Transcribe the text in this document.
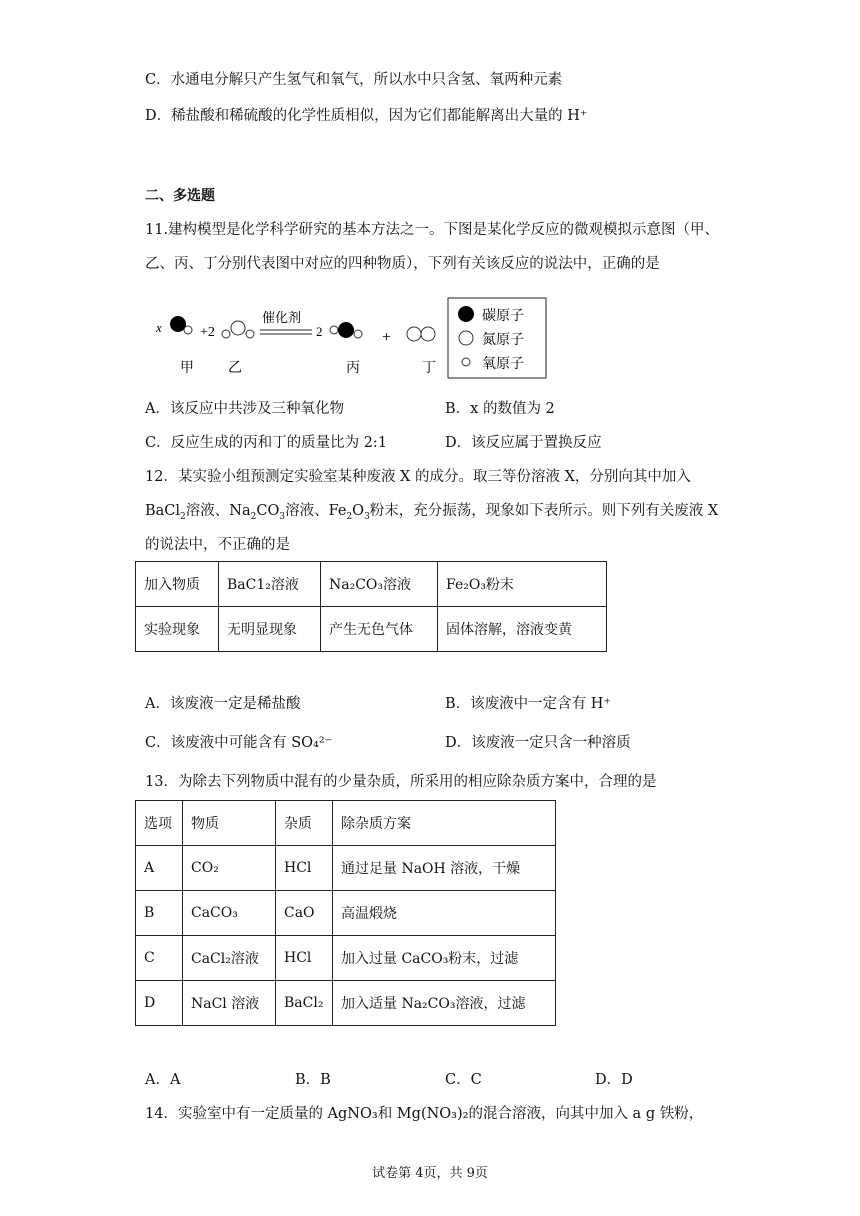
C．水通电分解只产生氢气和氧气，所以水中只含氢、氧两种元素
D．稀盐酸和稀硫酸的化学性质相似，因为它们都能解离出大量的 H⁺
二、多选题
11.建构模型是化学科学研究的基本方法之一。下图是某化学反应的微观模拟示意图（甲、
乙、丙、丁分别代表图中对应的四种物质），下列有关该反应的说法中，正确的是
x	+2
催化剂
2	+
甲 乙	丙	丁
碳原子
氮原子
氧原子
A．该反应中共涉及三种氧化物	B．x 的数值为 2
C．反应生成的丙和丁的质量比为 2:1	D．该反应属于置换反应
12．某实验小组预测定实验室某种废液 X 的成分。取三等份溶液 X，分别向其中加入
BaCl$_2$溶液、$Na_2CO_3$溶液、$Fe_2O_3$粉末，充分振荡，现象如下表所示。则下列有关废液 X
的说法中，不正确的是
加入物质	BaC1₂溶液	Na₂CO₃溶液	Fe₂O₃粉末
实验现象	无明显现象	产生无色气体	固体溶解，溶液变黄
A．该废液一定是稀盐酸	B．该废液中一定含有 H⁺
C．该废液中可能含有 SO₄²⁻	D．该废液一定只含一种溶质
13．为除去下列物质中混有的少量杂质，所采用的相应除杂质方案中，合理的是
选项	物质	杂质	除杂质方案
A	CO₂	HCl	通过足量 NaOH 溶液，干燥
B	CaCO₃	CaO	高温煅烧
C	CaCl₂溶液	HCl	加入过量 CaCO₃粉末，过滤
D	NaCl 溶液	BaCl₂	加入适量 Na₂CO₃溶液，过滤
A．A	B．B	C．C	D．D
14．实验室中有一定质量的 AgNO₃和 Mg(NO₃)₂的混合溶液，向其中加入 a g 铁粉，
试卷第 4页，共 9页
